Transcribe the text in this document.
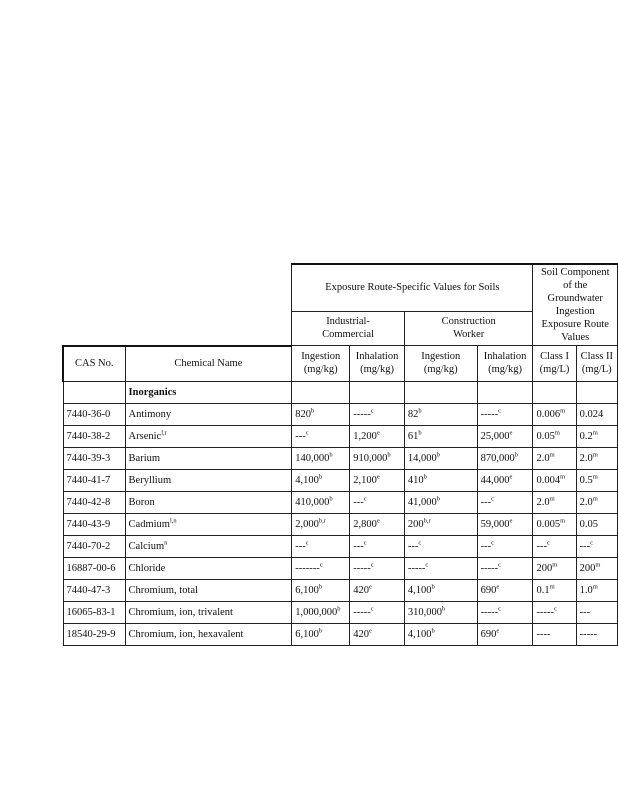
		Exposure Route-Specific Values for Soils				Soil Component of the Groundwater Ingestion Exposure Route Values	
		Industrial-Commercial		Construction Worker			
CAS No.	Chemical Name	Ingestion (mg/kg)	Inhalation (mg/kg)	Ingestion (mg/kg)	Inhalation (mg/kg)	Class I (mg/L)	Class II (mg/L)
	Inorganics						
7440-36-0	Antimony	820$^b$	-----$^c$	82$^b$	-----$^c$	0.006$^m$	0.024
7440-38-2	Arsenic$^{l,r}$	---$^c$	1,200e	61$^b$	25,000e	0.05$^m$	0.2$^m$
7440-39-3	Barium	140,000$^b$	910,000$^b$	14,000$^b$	870,000$^b$	2.0$^m$	2.0$^m$
7440-41-7	Beryllium	4,100$^b$	2,100e	410$^b$	44,000e	0.004$^m$	0.5$^m$
7440-42-8	Boron	410,000$^b$	---$^c$	41,000$^b$	---$^c$	2.0$^m$	2.0$^m$
7440-43-9	Cadmium$^{l,n}$	2,000$^{b,r}$	2,800e	200$^{b,r}$	59,000e	0.005$^m$	0.05
7440-70-2	Calcium$^n$	---$^c$	---$^c$	---$^c$	---$^c$	---$^c$	---$^c$
16887-00-6	Chloride	-------$^c$	-----$^c$	-----$^c$	-----$^c$	200$^m$	200$^m$
7440-47-3	Chromium, total	6,100$^b$	420e	4,100$^b$	690e	0.1$^m$	1.0$^m$
16065-83-1	Chromium, ion, trivalent	1,000,000$^b$	-----$^c$	310,000$^b$	-----$^c$	-----$^c$	---
18540-29-9	Chromium, ion, hexavalent	6,100$^b$	420e	4,100$^b$	690e	----	-----
